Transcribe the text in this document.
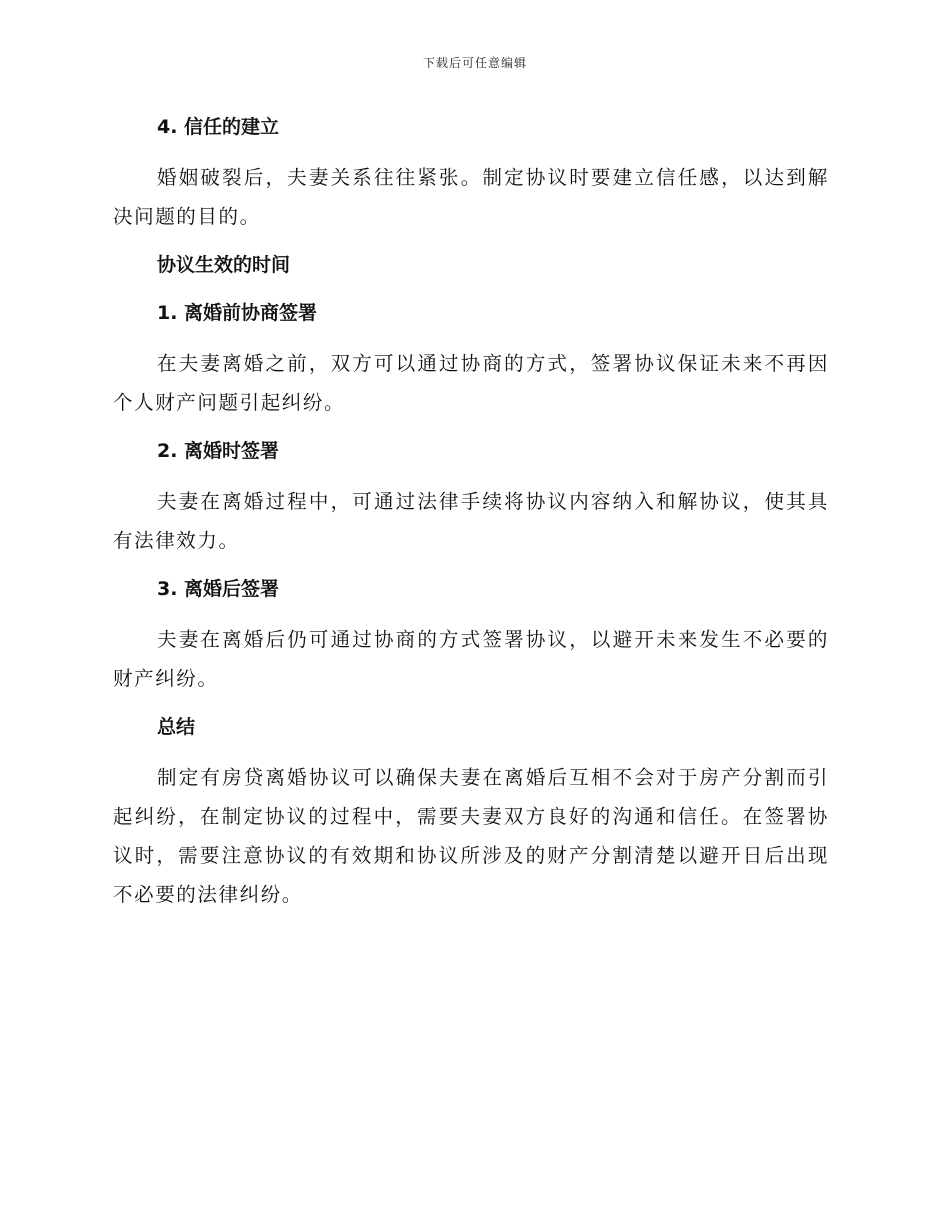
下载后可任意编辑
4. 信任的建立

婚姻破裂后，夫妻关系往往紧张。制定协议时要建立信任感，以达到解决问题的目的。

协议生效的时间
1. 离婚前协商签署

在夫妻离婚之前，双方可以通过协商的方式，签署协议保证未来不再因个人财产问题引起纠纷。

2. 离婚时签署

夫妻在离婚过程中，可通过法律手续将协议内容纳入和解协议，使其具有法律效力。

3. 离婚后签署

夫妻在离婚后仍可通过协商的方式签署协议，以避开未来发生不必要的财产纠纷。

总结

制定有房贷离婚协议可以确保夫妻在离婚后互相不会对于房产分割而引起纠纷，在制定协议的过程中，需要夫妻双方良好的沟通和信任。在签署协议时，需要注意协议的有效期和协议所涉及的财产分割清楚以避开日后出现不必要的法律纠纷。
